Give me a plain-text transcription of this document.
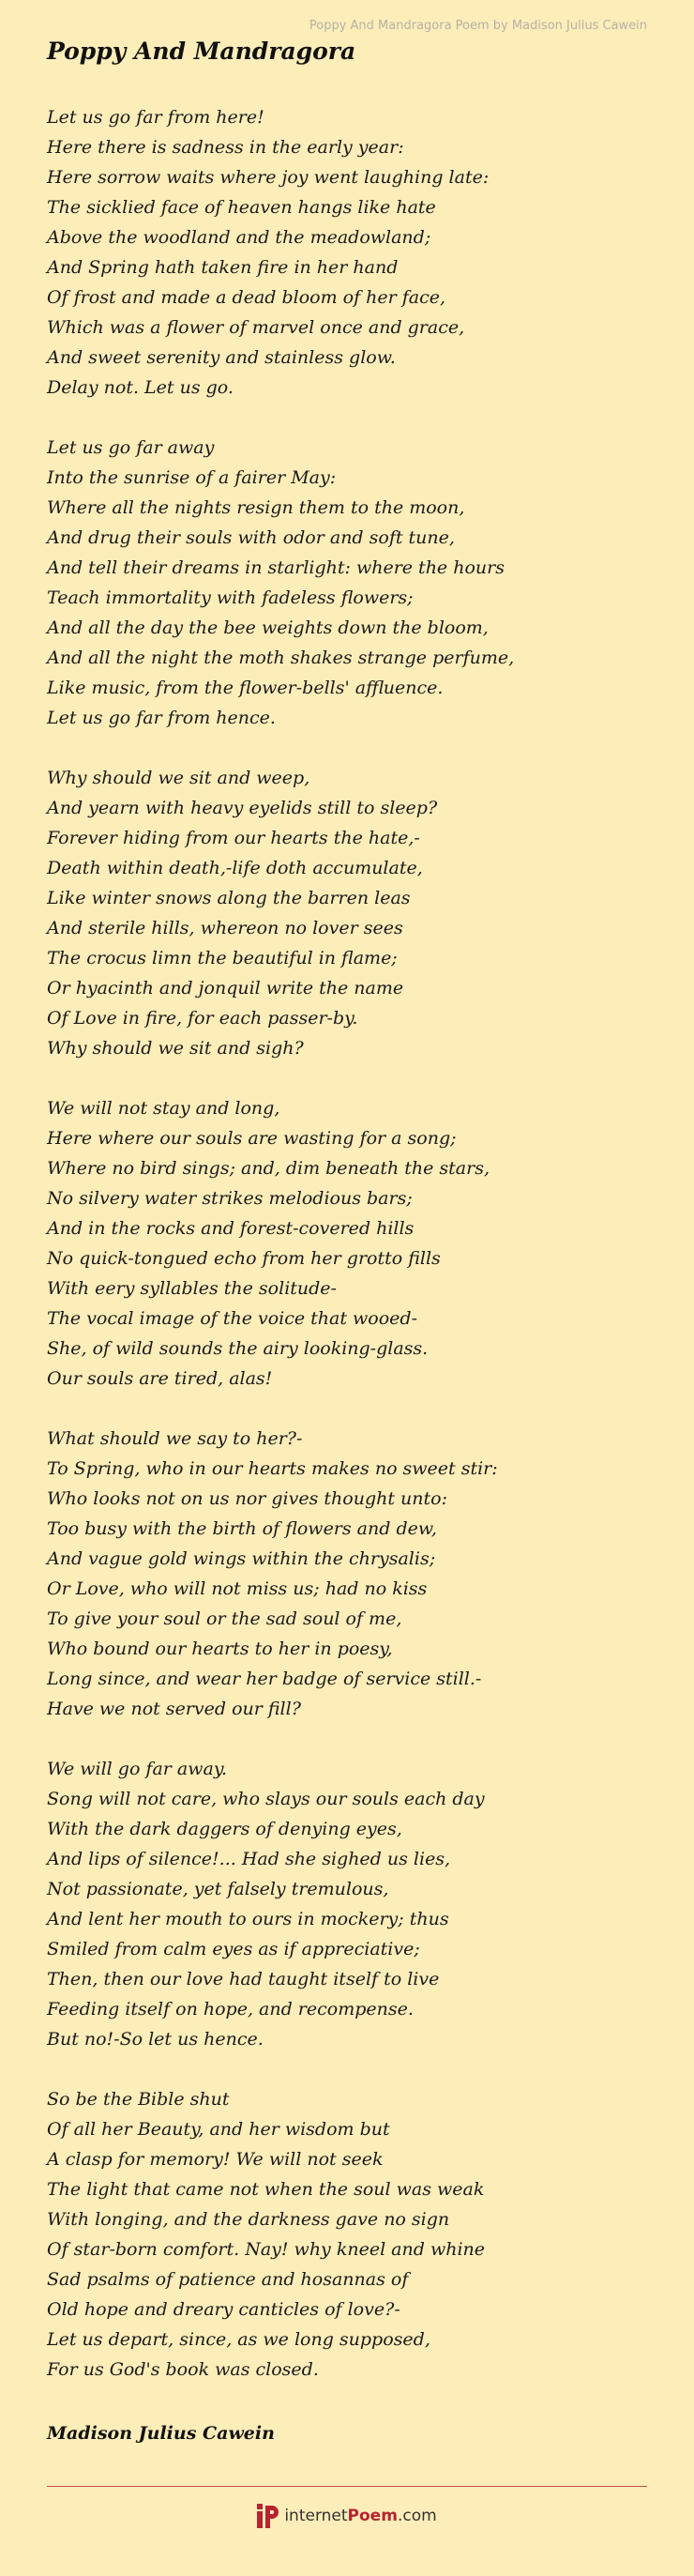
Poppy And Mandragora Poem by Madison Julius Cawein
Poppy And Mandragora
Let us go far from here!
Here there is sadness in the early year:
Here sorrow waits where joy went laughing late:
The sicklied face of heaven hangs like hate
Above the woodland and the meadowland;
And Spring hath taken fire in her hand
Of frost and made a dead bloom of her face,
Which was a flower of marvel once and grace,
And sweet serenity and stainless glow.
Delay not. Let us go.
Let us go far away
Into the sunrise of a fairer May:
Where all the nights resign them to the moon,
And drug their souls with odor and soft tune,
And tell their dreams in starlight: where the hours
Teach immortality with fadeless flowers;
And all the day the bee weights down the bloom,
And all the night the moth shakes strange perfume,
Like music, from the flower-bells' affluence.
Let us go far from hence.
Why should we sit and weep,
And yearn with heavy eyelids still to sleep?
Forever hiding from our hearts the hate,-
Death within death,-life doth accumulate,
Like winter snows along the barren leas
And sterile hills, whereon no lover sees
The crocus limn the beautiful in flame;
Or hyacinth and jonquil write the name
Of Love in fire, for each passer-by.
Why should we sit and sigh?
We will not stay and long,
Here where our souls are wasting for a song;
Where no bird sings; and, dim beneath the stars,
No silvery water strikes melodious bars;
And in the rocks and forest-covered hills
No quick-tongued echo from her grotto fills
With eery syllables the solitude-
The vocal image of the voice that wooed-
She, of wild sounds the airy looking-glass.
Our souls are tired, alas!
What should we say to her?-
To Spring, who in our hearts makes no sweet stir:
Who looks not on us nor gives thought unto:
Too busy with the birth of flowers and dew,
And vague gold wings within the chrysalis;
Or Love, who will not miss us; had no kiss
To give your soul or the sad soul of me,
Who bound our hearts to her in poesy,
Long since, and wear her badge of service still.-
Have we not served our fill?
We will go far away.
Song will not care, who slays our souls each day
With the dark daggers of denying eyes,
And lips of silence!... Had she sighed us lies,
Not passionate, yet falsely tremulous,
And lent her mouth to ours in mockery; thus
Smiled from calm eyes as if appreciative;
Then, then our love had taught itself to live
Feeding itself on hope, and recompense.
But no!-So let us hence.
So be the Bible shut
Of all her Beauty, and her wisdom but
A clasp for memory! We will not seek
The light that came not when the soul was weak
With longing, and the darkness gave no sign
Of star-born comfort. Nay! why kneel and whine
Sad psalms of patience and hosannas of
Old hope and dreary canticles of love?-
Let us depart, since, as we long supposed,
For us God's book was closed.
Madison Julius Cawein
internet Poem .com
